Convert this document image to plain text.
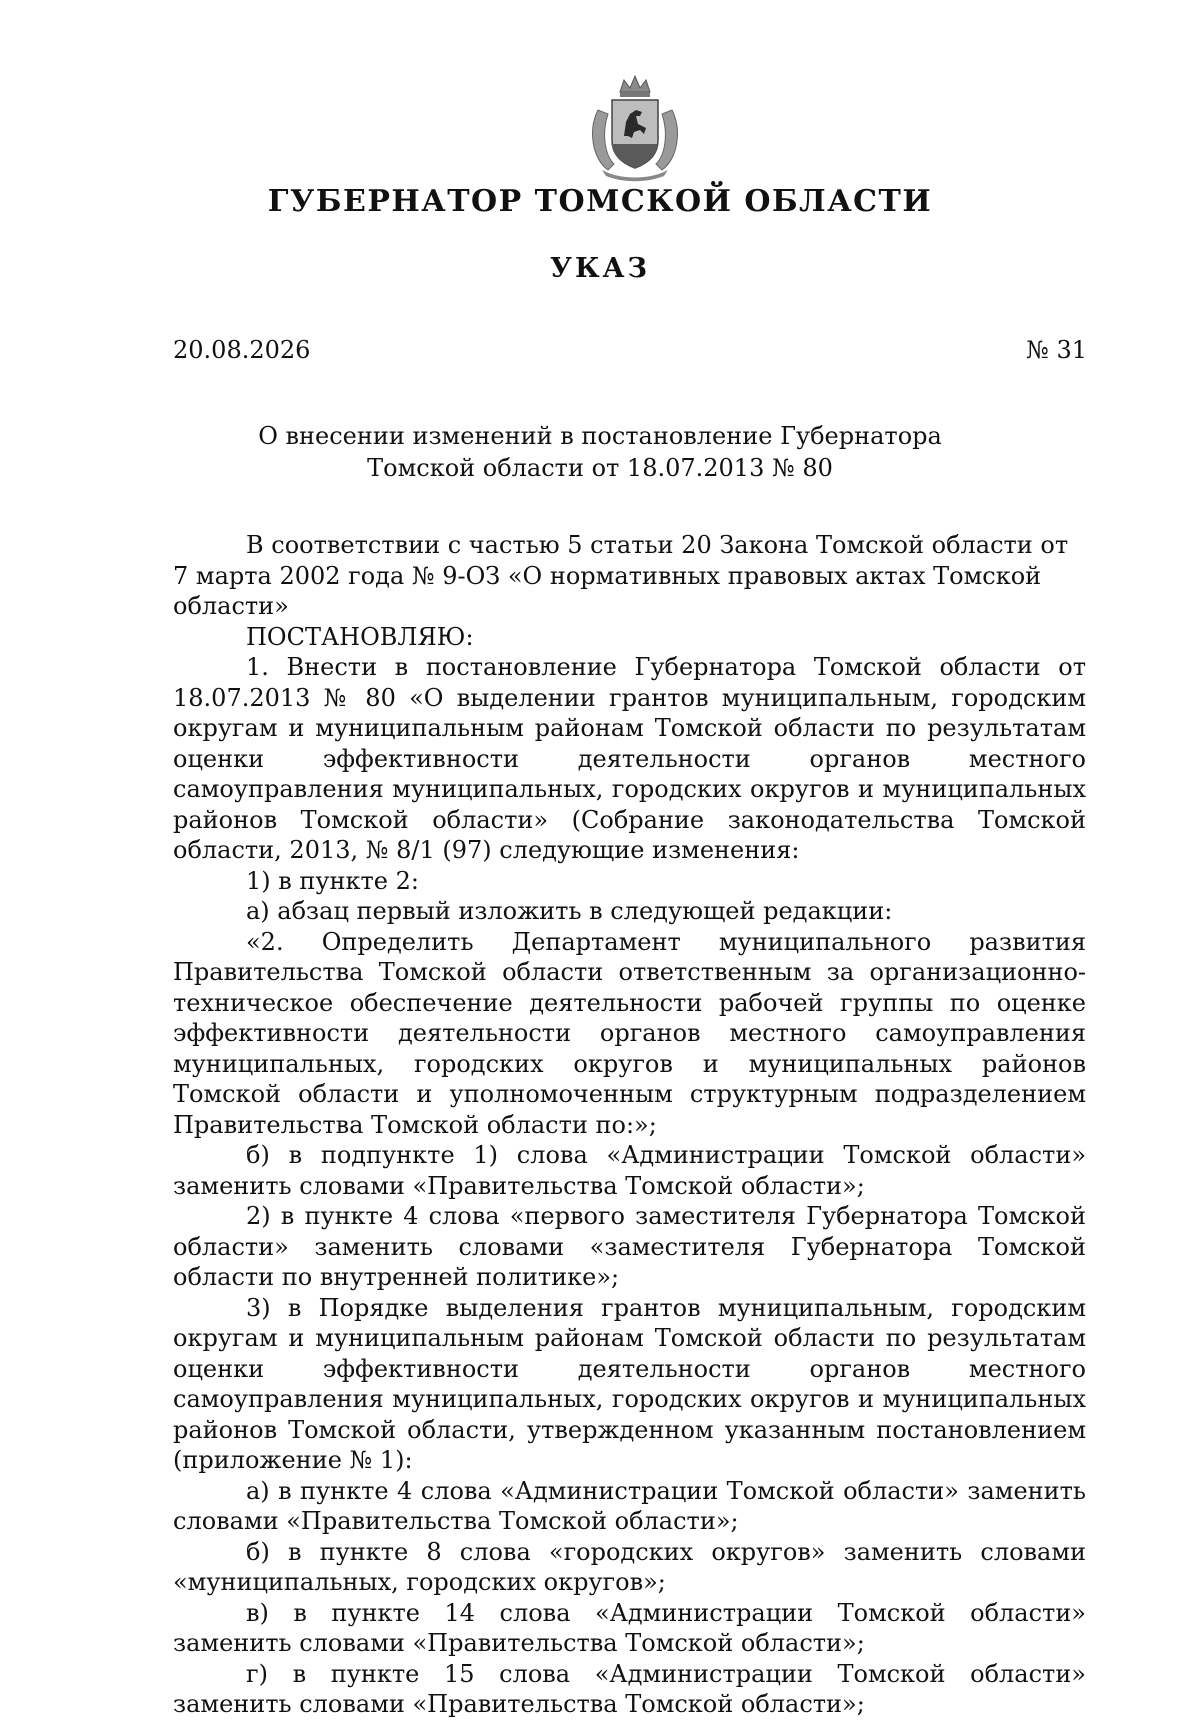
ГУБЕРНАТОР ТОМСКОЙ ОБЛАСТИ
УКАЗ
20.08.2026	№ 31
О внесении изменений в постановление Губернатора
Томской области от 18.07.2013 № 80

В соответствии с частью 5 статьи 20 Закона Томской области от 7 марта 2002 года № 9-ОЗ «О нормативных правовых актах Томской области»

ПОСТАНОВЛЯЮ:

1. Внести в постановление Губернатора Томской области от 18.07.2013 № 80 «О выделении грантов муниципальным, городским округам и муниципальным районам Томской области по результатам оценки эффективности деятельности органов местного самоуправления муниципальных, городских округов и муниципальных районов Томской области» (Собрание законодательства Томской области, 2013, № 8/1 (97) следующие изменения:

1) в пункте 2:

а) абзац первый изложить в следующей редакции:

«2. Определить Департамент муниципального развития Правительства Томской области ответственным за организационно-техническое обеспечение деятельности рабочей группы по оценке эффективности деятельности органов местного самоуправления муниципальных, городских округов и муниципальных районов Томской области и уполномоченным структурным подразделением Правительства Томской области по:»;

б) в подпункте 1) слова «Администрации Томской области» заменить словами «Правительства Томской области»;

2) в пункте 4 слова «первого заместителя Губернатора Томской области» заменить словами «заместителя Губернатора Томской области по внутренней политике»;

3) в Порядке выделения грантов муниципальным, городским округам и муниципальным районам Томской области по результатам оценки эффективности деятельности органов местного самоуправления муниципальных, городских округов и муниципальных районов Томской области, утвержденном указанным постановлением (приложение № 1):

а) в пункте 4 слова «Администрации Томской области» заменить словами «Правительства Томской области»;

б) в пункте 8 слова «городских округов» заменить словами «муниципальных, городских округов»;

в) в пункте 14 слова «Администрации Томской области» заменить словами «Правительства Томской области»;

г) в пункте 15 слова «Администрации Томской области» заменить словами «Правительства Томской области»;
